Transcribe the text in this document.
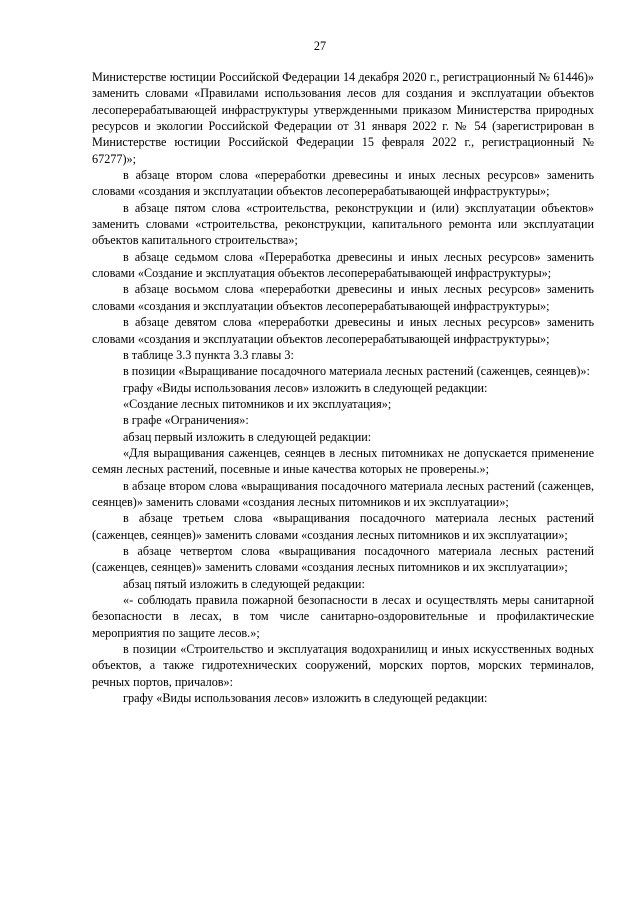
27

Министерстве юстиции Российской Федерации 14 декабря 2020 г., регистрационный № 61446)» заменить словами «Правилами использования лесов для создания и эксплуатации объектов лесоперерабатывающей инфраструктуры утвержденными приказом Министерства природных ресурсов и экологии Российской Федерации от 31 января 2022 г. № 54 (зарегистрирован в Министерстве юстиции Российской Федерации 15 февраля 2022 г., регистрационный № 67277)»;

в абзаце втором слова «переработки древесины и иных лесных ресурсов» заменить словами «создания и эксплуатации объектов лесоперерабатывающей инфраструктуры»;

в абзаце пятом слова «строительства, реконструкции и (или) эксплуатации объектов» заменить словами «строительства, реконструкции, капитального ремонта или эксплуатации объектов капитального строительства»;

в абзаце седьмом слова «Переработка древесины и иных лесных ресурсов» заменить словами «Создание и эксплуатация объектов лесоперерабатывающей инфраструктуры»;

в абзаце восьмом слова «переработки древесины и иных лесных ресурсов» заменить словами «создания и эксплуатации объектов лесоперерабатывающей инфраструктуры»;

в абзаце девятом слова «переработки древесины и иных лесных ресурсов» заменить словами «создания и эксплуатации объектов лесоперерабатывающей инфраструктуры»;

в таблице 3.3 пункта 3.3 главы 3:

в позиции «Выращивание посадочного материала лесных растений (саженцев, сеянцев)»:

графу «Виды использования лесов» изложить в следующей редакции:

«Создание лесных питомников и их эксплуатация»;

в графе «Ограничения»:

абзац первый изложить в следующей редакции:

«Для выращивания саженцев, сеянцев в лесных питомниках не допускается применение семян лесных растений, посевные и иные качества которых не проверены.»;

в абзаце втором слова «выращивания посадочного материала лесных растений (саженцев, сеянцев)» заменить словами «создания лесных питомников и их эксплуатации»;

в абзаце третьем слова «выращивания посадочного материала лесных растений (саженцев, сеянцев)» заменить словами «создания лесных питомников и их эксплуатации»;

в абзаце четвертом слова «выращивания посадочного материала лесных растений (саженцев, сеянцев)» заменить словами «создания лесных питомников и их эксплуатации»;

абзац пятый изложить в следующей редакции:

«- соблюдать правила пожарной безопасности в лесах и осуществлять меры санитарной безопасности в лесах, в том числе санитарно-оздоровительные и профилактические мероприятия по защите лесов.»;

в позиции «Строительство и эксплуатация водохранилищ и иных искусственных водных объектов, а также гидротехнических сооружений, морских портов, морских терминалов, речных портов, причалов»:

графу «Виды использования лесов» изложить в следующей редакции:
